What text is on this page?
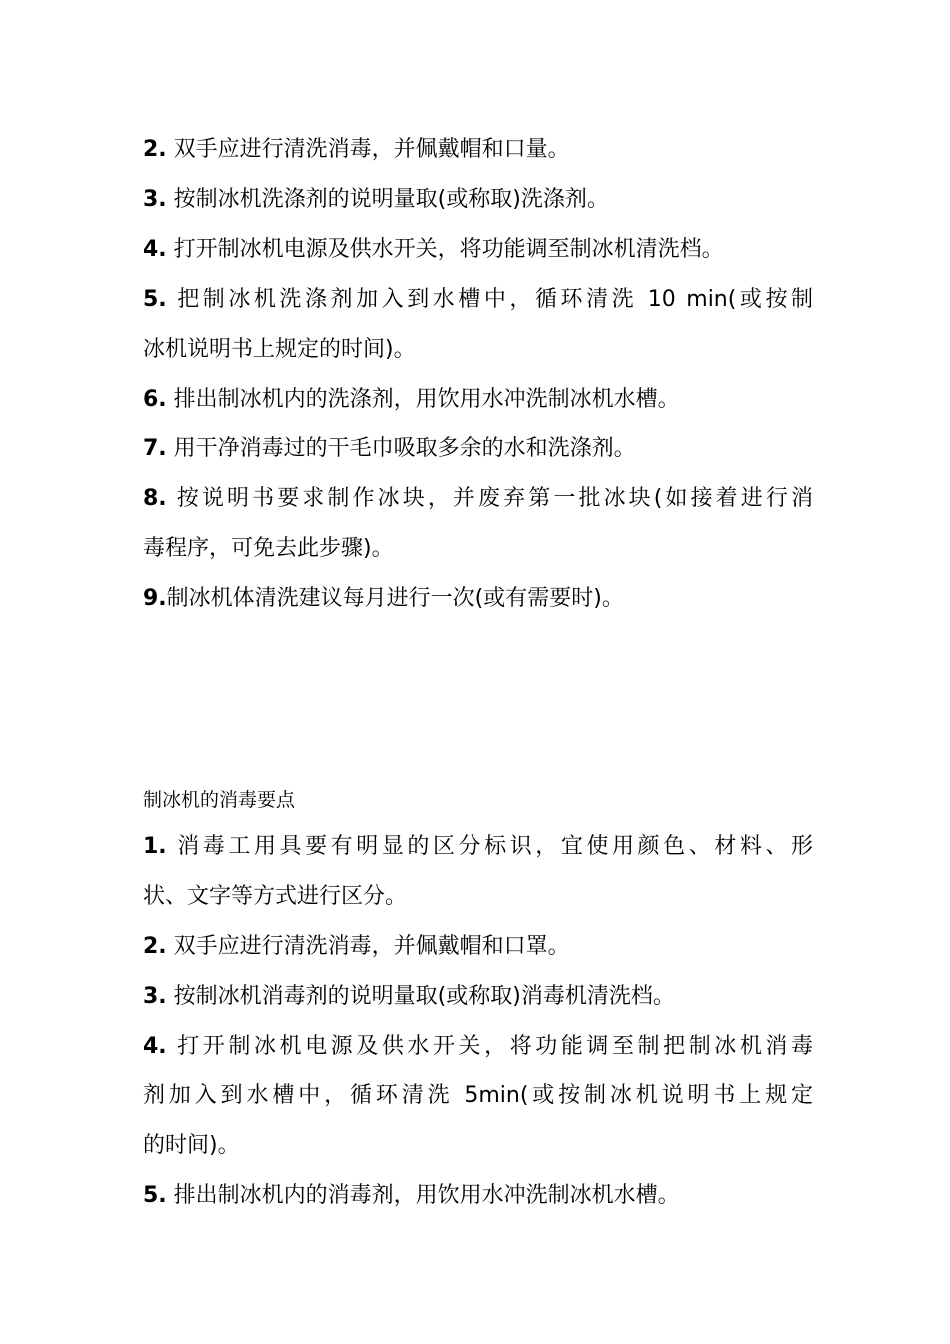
2. 双手应进行清洗消毒，并佩戴帽和口量。
3. 按制冰机洗涤剂的说明量取(或称取)洗涤剂。
4. 打开制冰机电源及供水开关，将功能调至制冰机清洗档。
5. 把制冰机洗涤剂加入到水槽中，循环清洗 10 min(或按制
冰机说明书上规定的时间)。
6. 排出制冰机内的洗涤剂，用饮用水冲洗制冰机水槽。
7. 用干净消毒过的干毛巾吸取多余的水和洗涤剂。
8. 按说明书要求制作冰块，并废弃第一批冰块(如接着进行消
毒程序，可免去此步骤)。
9.制冰机体清洗建议每月进行一次(或有需要时)。
制冰机的消毒要点
1. 消毒工用具要有明显的区分标识，宜使用颜色、材料、形
状、文字等方式进行区分。
2. 双手应进行清洗消毒，并佩戴帽和口罩。
3. 按制冰机消毒剂的说明量取(或称取)消毒机清洗档。
4. 打开制冰机电源及供水开关，将功能调至制把制冰机消毒
剂加入到水槽中，循环清洗 5min(或按制冰机说明书上规定
的时间)。
5. 排出制冰机内的消毒剂，用饮用水冲洗制冰机水槽。
